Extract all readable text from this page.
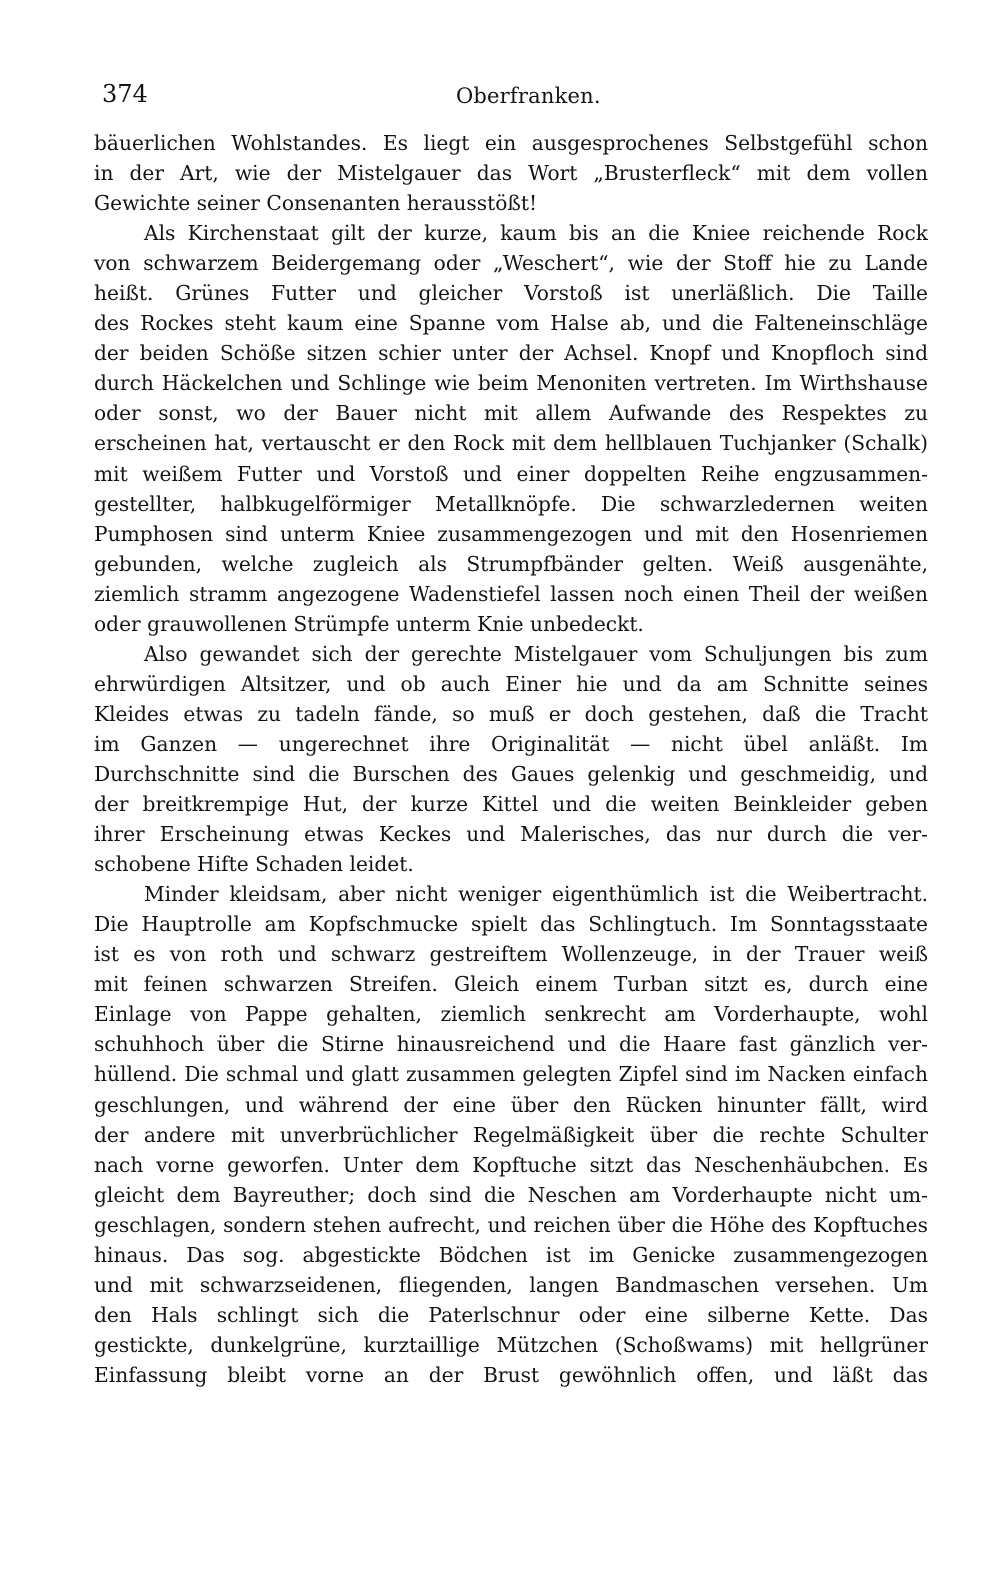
374	Oberfranken.
bäuerlichen Wohlstandes. Es liegt ein ausgesprochenes Selbstgefühl schon
in der Art, wie der Mistelgauer das Wort „Brusterfleck“ mit dem vollen
Gewichte seiner Consenanten herausstößt!
Als Kirchenstaat gilt der kurze, kaum bis an die Kniee reichende Rock
von schwarzem Beidergemang oder „Weschert“, wie der Stoff hie zu Lande
heißt. Grünes Futter und gleicher Vorstoß ist unerläßlich. Die Taille
des Rockes steht kaum eine Spanne vom Halse ab, und die Falteneinschläge
der beiden Schöße sitzen schier unter der Achsel. Knopf und Knopfloch sind
durch Häckelchen und Schlinge wie beim Menoniten vertreten. Im Wirthshause
oder sonst, wo der Bauer nicht mit allem Aufwande des Respektes zu
erscheinen hat, vertauscht er den Rock mit dem hellblauen Tuchjanker (Schalk)
mit weißem Futter und Vorstoß und einer doppelten Reihe engzusammen-
gestellter, halbkugelförmiger Metallknöpfe. Die schwarzledernen weiten
Pumphosen sind unterm Kniee zusammengezogen und mit den Hosenriemen
gebunden, welche zugleich als Strumpfbänder gelten. Weiß ausgenähte,
ziemlich stramm angezogene Wadenstiefel lassen noch einen Theil der weißen
oder grauwollenen Strümpfe unterm Knie unbedeckt.
Also gewandet sich der gerechte Mistelgauer vom Schuljungen bis zum
ehrwürdigen Altsitzer, und ob auch Einer hie und da am Schnitte seines
Kleides etwas zu tadeln fände, so muß er doch gestehen, daß die Tracht
im Ganzen — ungerechnet ihre Originalität — nicht übel anläßt. Im
Durchschnitte sind die Burschen des Gaues gelenkig und geschmeidig, und
der breitkrempige Hut, der kurze Kittel und die weiten Beinkleider geben
ihrer Erscheinung etwas Keckes und Malerisches, das nur durch die ver-
schobene Hifte Schaden leidet.
Minder kleidsam, aber nicht weniger eigenthümlich ist die Weibertracht.
Die Hauptrolle am Kopfschmucke spielt das Schlingtuch. Im Sonntagsstaate
ist es von roth und schwarz gestreiftem Wollenzeuge, in der Trauer weiß
mit feinen schwarzen Streifen. Gleich einem Turban sitzt es, durch eine
Einlage von Pappe gehalten, ziemlich senkrecht am Vorderhaupte, wohl
schuhhoch über die Stirne hinausreichend und die Haare fast gänzlich ver-
hüllend. Die schmal und glatt zusammen gelegten Zipfel sind im Nacken einfach
geschlungen, und während der eine über den Rücken hinunter fällt, wird
der andere mit unverbrüchlicher Regelmäßigkeit über die rechte Schulter
nach vorne geworfen. Unter dem Kopftuche sitzt das Neschenhäubchen. Es
gleicht dem Bayreuther; doch sind die Neschen am Vorderhaupte nicht um-
geschlagen, sondern stehen aufrecht, und reichen über die Höhe des Kopftuches
hinaus. Das sog. abgestickte Bödchen ist im Genicke zusammengezogen
und mit schwarzseidenen, fliegenden, langen Bandmaschen versehen. Um
den Hals schlingt sich die Paterlschnur oder eine silberne Kette. Das
gestickte, dunkelgrüne, kurztaillige Mützchen (Schoßwams) mit hellgrüner
Einfassung bleibt vorne an der Brust gewöhnlich offen, und läßt das
